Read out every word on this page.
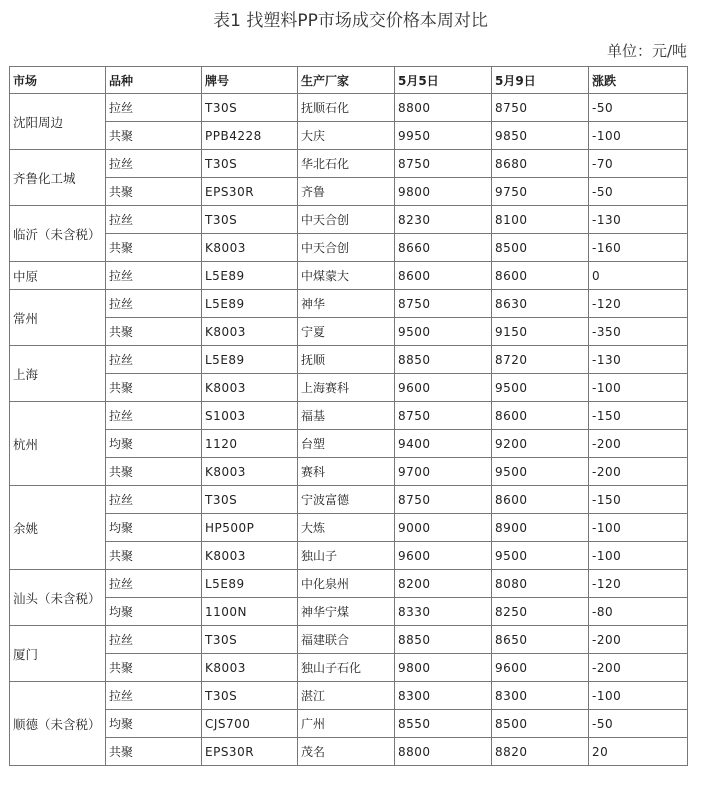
表1 找塑料PP市场成交价格本周对比
单位：元/吨
市场	品种	牌号	生产厂家	5月5日	5月9日	涨跌
沈阳周边	拉丝	T30S	抚顺石化	8800	8750	-50
	共聚	PPB4228	大庆	9950	9850	-100
齐鲁化工城	拉丝	T30S	华北石化	8750	8680	-70
	共聚	EPS30R	齐鲁	9800	9750	-50
临沂（未含税）	拉丝	T30S	中天合创	8230	8100	-130
	共聚	K8003	中天合创	8660	8500	-160
中原	拉丝	L5E89	中煤蒙大	8600	8600	0
常州	拉丝	L5E89	神华	8750	8630	-120
	共聚	K8003	宁夏	9500	9150	-350
上海	拉丝	L5E89	抚顺	8850	8720	-130
	共聚	K8003	上海赛科	9600	9500	-100
杭州	拉丝	S1003	福基	8750	8600	-150
	均聚	1120	台塑	9400	9200	-200
	共聚	K8003	赛科	9700	9500	-200
余姚	拉丝	T30S	宁波富德	8750	8600	-150
	均聚	HP500P	大炼	9000	8900	-100
	共聚	K8003	独山子	9600	9500	-100
汕头（未含税）	拉丝	L5E89	中化泉州	8200	8080	-120
	均聚	1100N	神华宁煤	8330	8250	-80
厦门	拉丝	T30S	福建联合	8850	8650	-200
	共聚	K8003	独山子石化	9800	9600	-200
顺德（未含税）	拉丝	T30S	湛江	8300	8300	-100
	均聚	CJS700	广州	8550	8500	-50
	共聚	EPS30R	茂名	8800	8820	20
